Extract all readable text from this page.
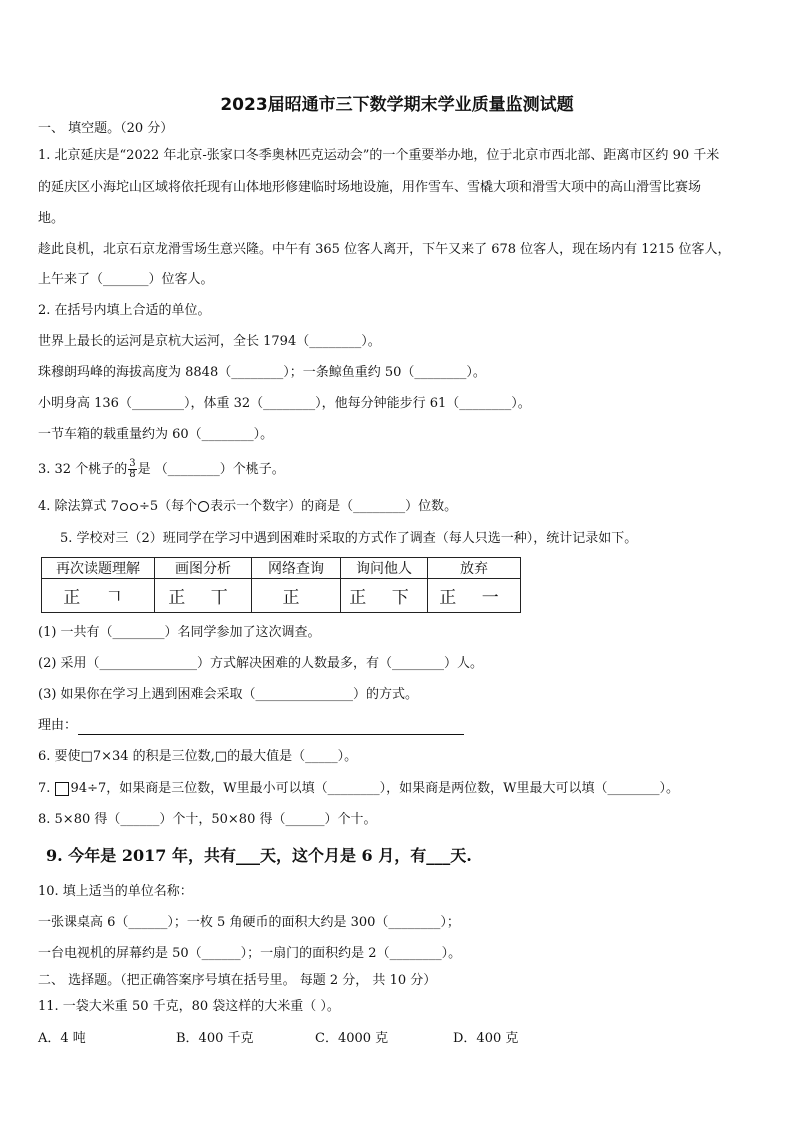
2023届昭通市三下数学期末学业质量监测试题
一、 填空题。（20 分）
1. 北京延庆是“2022 年北京-张家口冬季奥林匹克运动会”的一个重要举办地，位于北京市西北部、距离市区约 90 千米
的延庆区小海坨山区域将依托现有山体地形修建临时场地设施，用作雪车、雪橇大项和滑雪大项中的高山滑雪比赛场
地。
趁此良机，北京石京龙滑雪场生意兴隆。中午有 365 位客人离开，下午又来了 678 位客人，现在场内有 1215 位客人，
上午来了（_______）位客人。
2. 在括号内填上合适的单位。
世界上最长的运河是京杭大运河，全长 1794（________）。
珠穆朗玛峰的海拔高度为 8848（________）；一条鲸鱼重约 50（________）。
小明身高 136（________），体重 32（________），他每分钟能步行 61（________）。
一节车箱的载重量约为 60（________）。
3. 32 个桃子的 $\frac{3}{8}$ 是 （________）个桃子。
4. 除法算式 7 ÷5（每个 表示一个数字）的商是（________）位数。
5. 学校对三（2）班同学在学习中遇到困难时采取的方式作了调查（每人只选一种），统计记录如下。
再次读题理解	画图分析	网络查询	询问他人	放弃
正 𠃍	正 丅	正	正 下	正 一
(1) 一共有（________）名同学参加了这次调查。
(2) 采用（_______________）方式解决困难的人数最多，有（________）人。
(3) 如果你在学习上遇到困难会采取（_______________）的方式。
理由：
6. 要使□7×34 的积是三位数,□的最大值是（_____）。
7. 94÷7，如果商是三位数，W里最小可以填（________），如果商是两位数，W里最大可以填（________）。
8. 5×80 得（______）个十，50×80 得（______）个十。
9. 今年是 2017 年，共有___天，这个月是 6 月，有___天.
10. 填上适当的单位名称：
一张课桌高 6（______）；一枚 5 角硬币的面积大约是 300（________）；
一台电视机的屏幕约是 50（______）；一扇门的面积约是 2（________）。
二、 选择题。（把正确答案序号填在括号里。 每题 2 分， 共 10 分）
11. 一袋大米重 50 千克，80 袋这样的大米重（ ）。
A．4 吨	B．400 千克	C．4000 克	D．400 克
